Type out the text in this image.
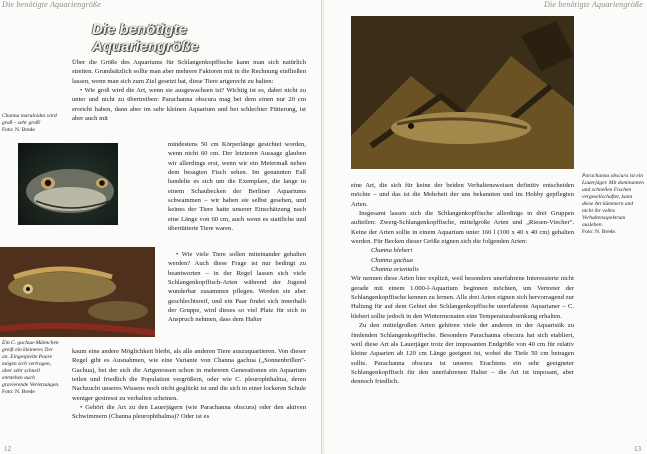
Die benötigte Aquariengröße
Channa maruloides wird groß – sehr groß!
Foto: N. Brede
Ein C. gachua-Männchen greift ein kleineres Tier an. Eingespielte Paare mögen sich vertragen, aber sehr schnell entstehen auch gravierende Verletzungen.
Foto: N. Brede
Die benötigte Aquariengröße

Über die Größe des Aquariums für Schlangenkopffische kann man sich natürlich streiten. Grundsätzlich sollte man aber mehrere Faktoren mit in die Rechnung einfließen lassen, wenn man sich zum Ziel gesetzt hat, diese Tiere artgerecht zu halten:

• Wie groß wird die Art, wenn sie ausgewachsen ist? Wichtig ist es, dabei nicht zu unter und nicht zu übertreiben: Parachanna obscura mag bei dem einen nur 20 cm erreicht haben, dann aber im sehr kleinen Aquarium und bei schlechter Fütterung, ist aber auch mit

mindestens 50 cm Körperlänge gesichtet worden, wenn nicht 60 cm. Der letzteren Aussage glauben wir allerdings erst, wenn wir ein Metermaß neben dem besagten Fisch sehen. Im genannten Fall handelte es sich um die Exemplare, die lange in einem Schaubecken der Berliner Aquariums schwammen – wir haben sie selbst gesehen, und keines der Tiere hatte unserer Einschätzung nach eine Länge von 60 cm, auch wenn es stattliche und übertütterte Tiere waren.

• Wie viele Tiere sollen miteinander gehalten werden? Auch diese Frage ist nur bedingt zu beantworten – in der Regel lassen sich viele Schlangenkopffisch-Arten während der Jugend wunderbar zusammen pflegen. Werden sie aber geschlechtsreif, und ein Paar findet sich innerhalb der Gruppe, wird dieses so viel Platz für sich in Anspruch nehmen, dass dem Halter

kaum eine andere Möglichkeit bleibt, als alle anderen Tiere auszuquartieren. Von dieser Regel gibt es Ausnahmen, wie eine Variante von Channa gachua („Sonnenbrillen"-Gachua), bei der sich die Artgenossen schon in mehreren Generationen ein Aquarium teilen und friedlich die Population vergrößern, oder wie C. pleurophthalma, deren Nachzucht unseres Wissens noch nicht geglückt ist und die sich in einer lockeren Schule weniger gestresst zu verhalten scheinen.

• Gehört die Art zu den Lauerjägern (wie Parachanna obscura) oder den aktiven Schwimmern (Channa pleurophthalma)? Oder ist es

12
Die benötigte Aquariengröße
Parachanna obscura ist ein Lauerjäger. Mit dominanten und schnellen Fischen vergesellschaftet, kann diese Art kümmern und nicht ihr volles Verhaltensspektrum ausleben.
Foto: N. Brede.

eine Art, die sich für keine der beiden Verhaltensweisen definitiv entscheiden möchte – und das ist die Mehrheit der uns bekannten und im Hobby gepflegten Arten.

Insgesamt lassen sich die Schlangenkopffische allerdings in drei Gruppen aufteilen: Zwerg-Schlangenkopffische, mittelgroße Arten und „Riesen-Viecher". Keine der Arten sollte in einem Aquarium unter 160 l (100 x 40 x 40 cm) gehalten werden. Für Becken dieser Größe eignen sich die folgenden Arten:

Channa bleheri

Channa gachua

Channa orientalis

Wir nennen diese Arten hier explizit, weil besonders unerfahrene Interessierte nicht gerade mit einem 1.000-l-Aquarium beginnen möchten, um Vertreter der Schlangenkopffische kennen zu lernen. Alle drei Arten eignen sich hervorragend zur Haltung für auf dem Gebiet der Schlangenkopffische unerfahrene Aquarianer – C. bleheri sollte jedoch in den Wintermonaten eine Temperaturabsenkung erhalten.

Zu den mittelgroßen Arten gehören viele der anderen in der Aquaristik zu findenden Schlangenkopffische. Besonders Parachanna obscura hat sich etabliert, weil diese Art als Lauerjäger trotz der imposanten Endgröße von 40 cm für relativ kleine Aquarien ab 120 cm Länge geeignet ist, wobei die Tiefe 50 cm betragen sollte. Parachanna obscura ist unseres Erachtens ein sehr geeigneter Schlangenkopffisch für den unerfahrenen Halter – die Art ist imposant, aber dennoch friedlich.

13
